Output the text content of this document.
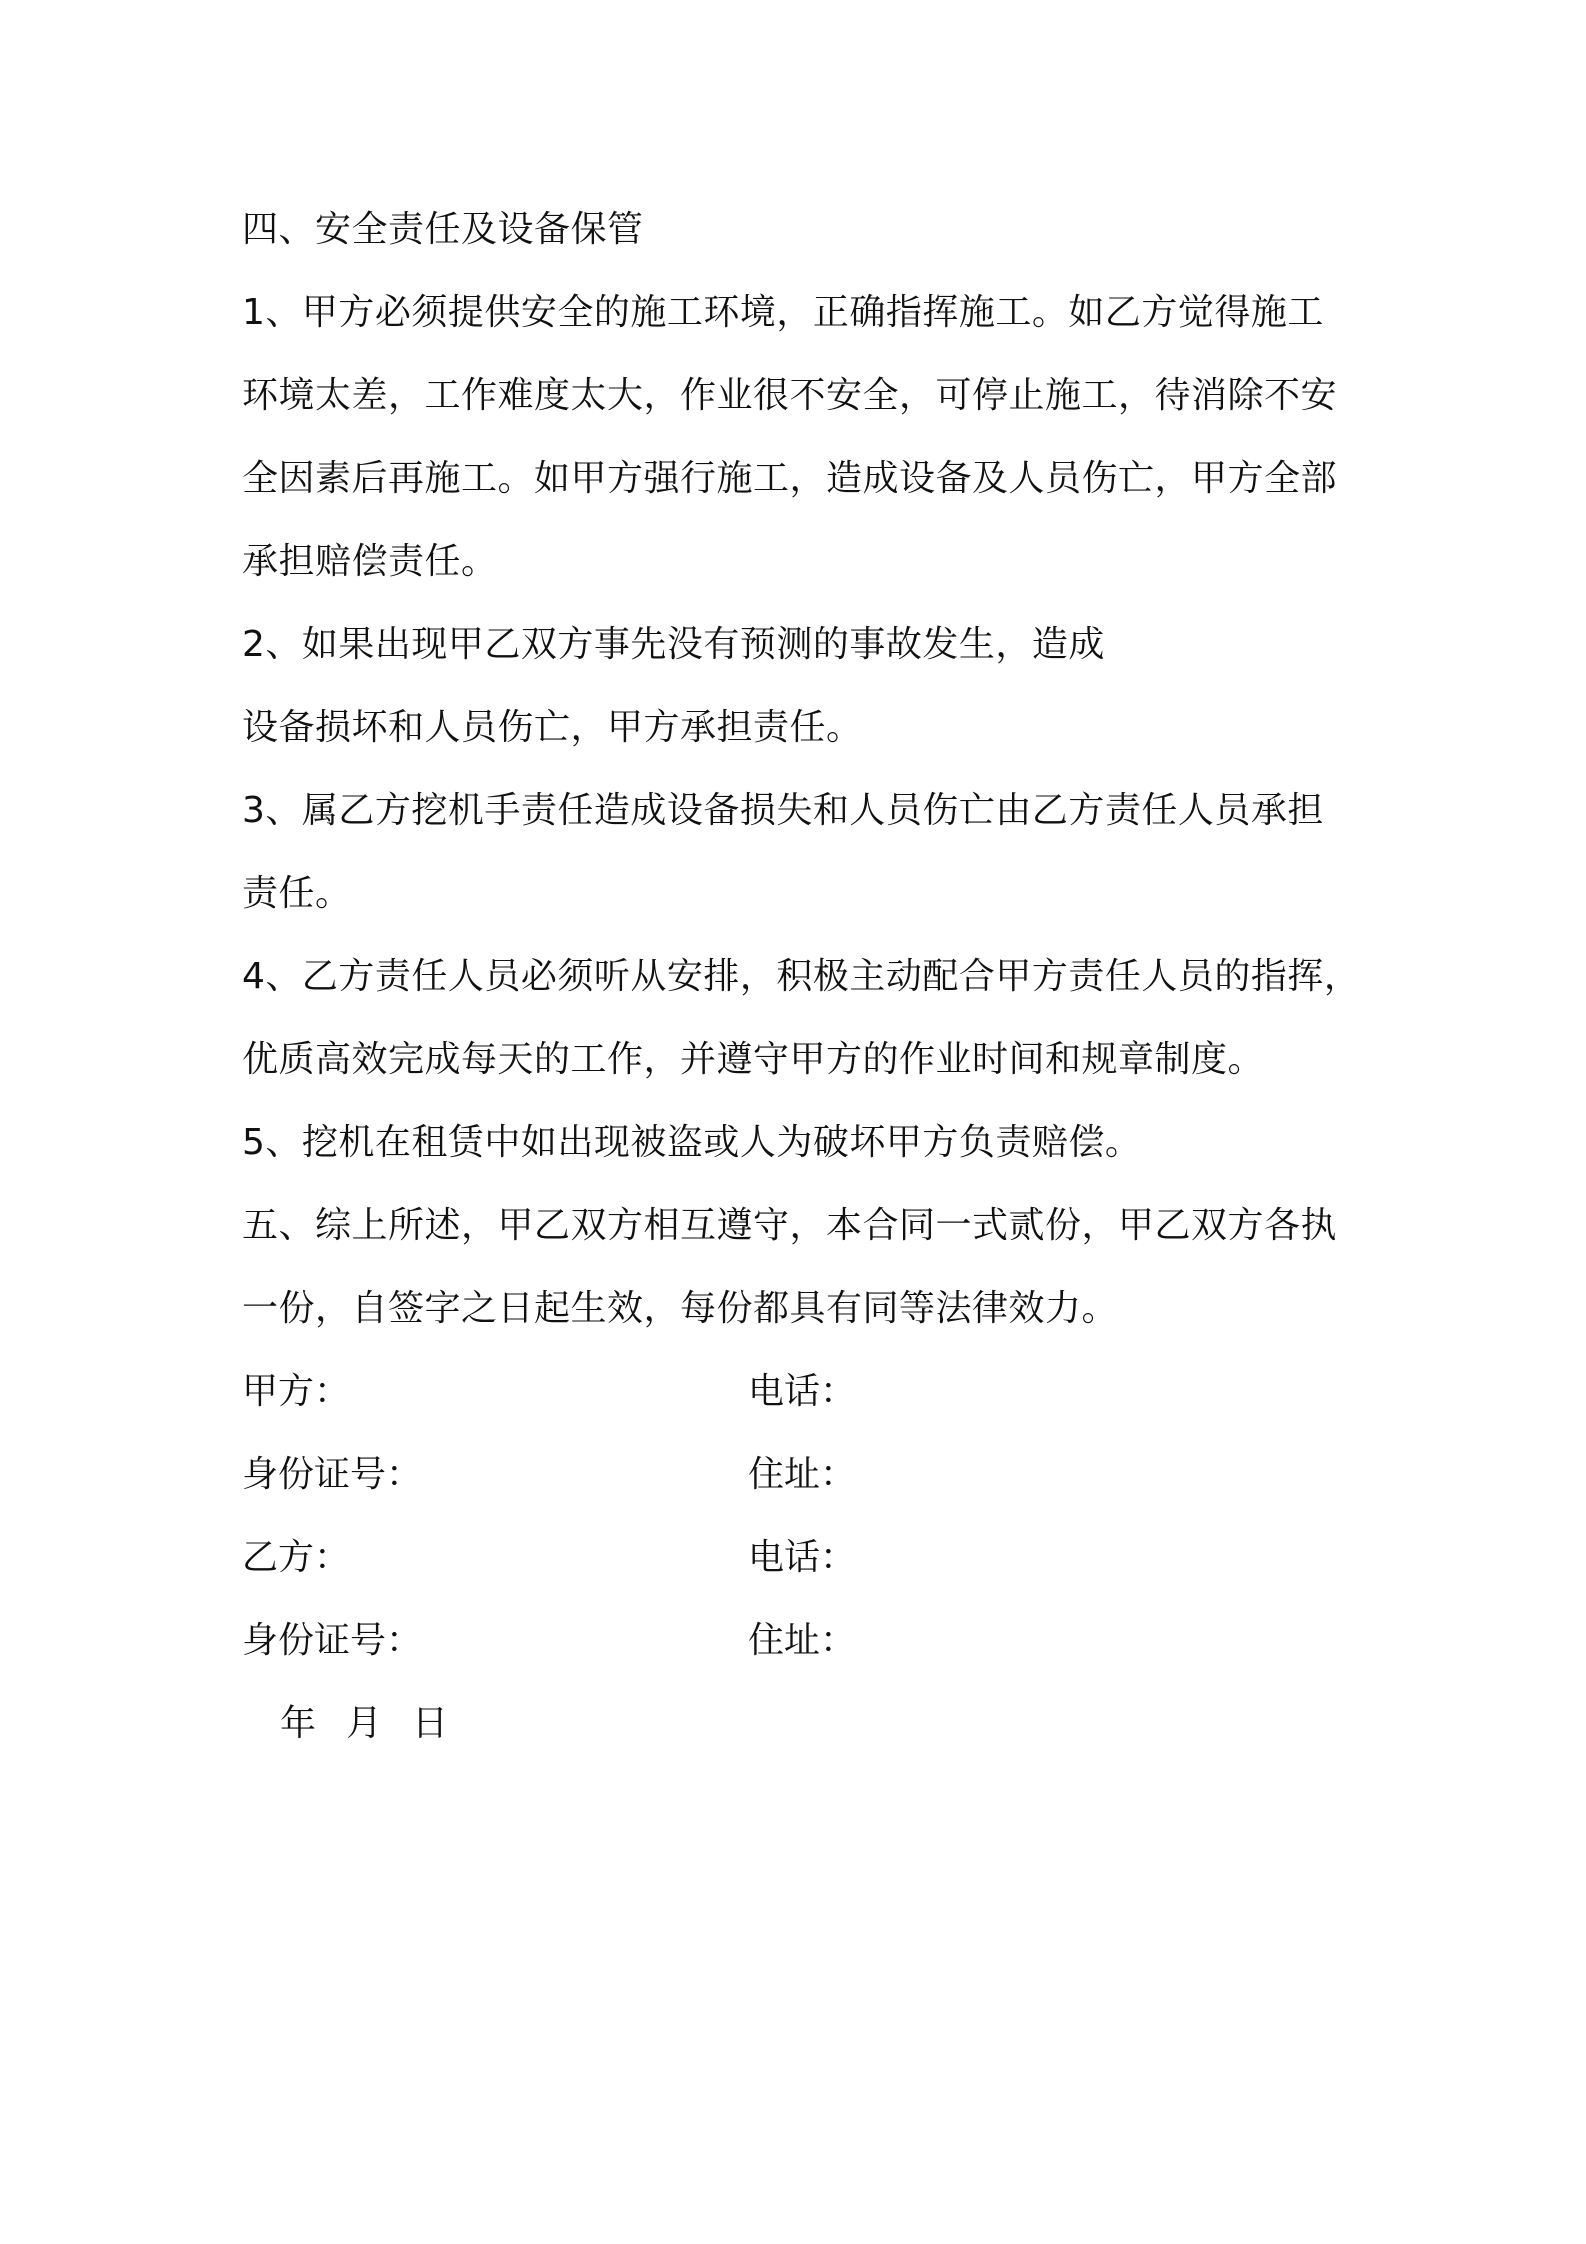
四、安全责任及设备保管
1、甲方必须提供安全的施工环境，正确指挥施工。如乙方觉得施工
环境太差，工作难度太大，作业很不安全，可停止施工，待消除不安
全因素后再施工。如甲方强行施工，造成设备及人员伤亡，甲方全部
承担赔偿责任。
2、如果出现甲乙双方事先没有预测的事故发生，造成
设备损坏和人员伤亡，甲方承担责任。
3、属乙方挖机手责任造成设备损失和人员伤亡由乙方责任人员承担
责任。
4、乙方责任人员必须听从安排，积极主动配合甲方责任人员的指挥，
优质高效完成每天的工作，并遵守甲方的作业时间和规章制度。
5、挖机在租赁中如出现被盗或人为破坏甲方负责赔偿。
五、综上所述，甲乙双方相互遵守，本合同一式贰份，甲乙双方各执
一份，自签字之日起生效，每份都具有同等法律效力。
甲方：	电话：
身份证号：	住址：
乙方：	电话：
身份证号：	住址：
年 月 日
